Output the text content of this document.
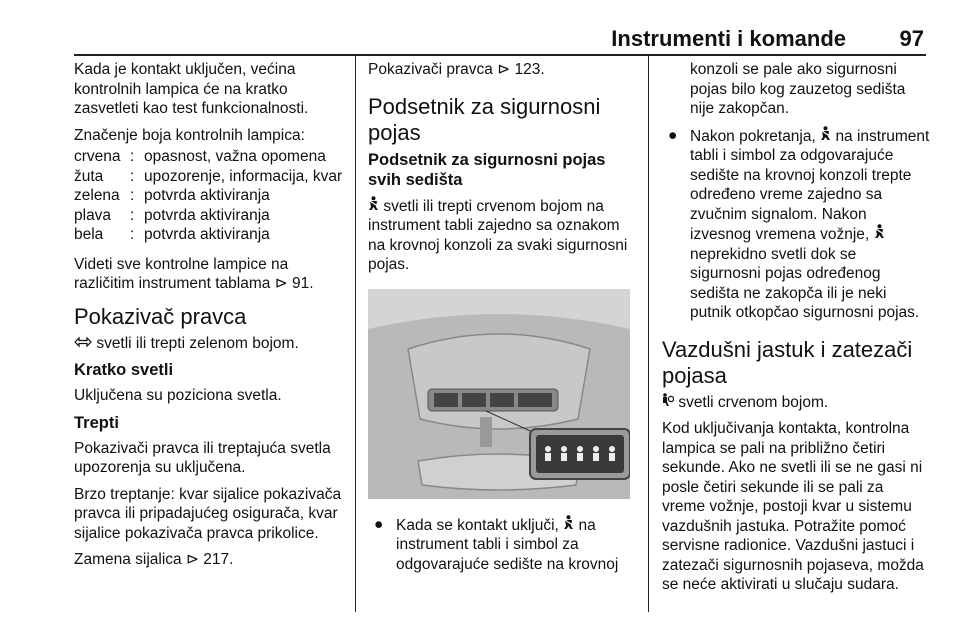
Instrumenti i komande 97

Kada je kontakt uključen, većina kontrolnih lampica će na kratko zasvetleti kao test funkcionalnosti.

Značenje boja kontrolnih lampica:

crvena : opasnost, važna opomena
žuta	: upozorenje, informacija, kvar
zelena : potvrda aktiviranja
plava	: potvrda aktiviranja
bela	: potvrda aktiviranja

Videti sve kontrolne lampice na različitim instrument tablama ⊳ 91.

Pokazivač pravca

svetli ili trepti zelenom bojom.

Kratko svetli

Uključena su poziciona svetla.

Trepti

Pokazivači pravca ili treptajuća svetla upozorenja su uključena.

Brzo treptanje: kvar sijalice pokazivača pravca ili pripadajućeg osigurača, kvar sijalice pokazivača pravca prikolice.

Zamena sijalica ⊳ 217.

Pokazivači pravca ⊳ 123.

Podsetnik za sigurnosni pojas
Podsetnik za sigurnosni pojas svih sedišta

svetli ili trepti crvenom bojom na instrument tabli zajedno sa oznakom na krovnoj konzoli za svaki sigurnosni pojas.

● Kada se kontakt uključi,  na instrument tabli i simbol za odgovarajuće sedište na krovnoj

konzoli se pale ako sigurnosni pojas bilo kog zauzetog sedišta nije zakopčan.

● Nakon pokretanja, na instrument tabli i simbol za odgovarajuće sedište na krovnoj konzoli trepte određeno vreme zajedno sa zvučnim signalom. Nakon izvesnog vremena vožnje,  neprekidno svetli dok se sigurnosni pojas određenog sedišta ne zakopča ili je neki putnik otkopčao sigurnosni pojas.
Vazdušni jastuk i zatezači pojasa

svetli crvenom bojom.

Kod uključivanja kontakta, kontrolna lampica se pali na približno četiri sekunde. Ako ne svetli ili se ne gasi ni posle četiri sekunde ili se pali za vreme vožnje, postoji kvar u sistemu vazdušnih jastuka. Potražite pomoć servisne radionice. Vazdušni jastuci i zatezači sigurnosnih pojaseva, možda se neće aktivirati u slučaju sudara.
